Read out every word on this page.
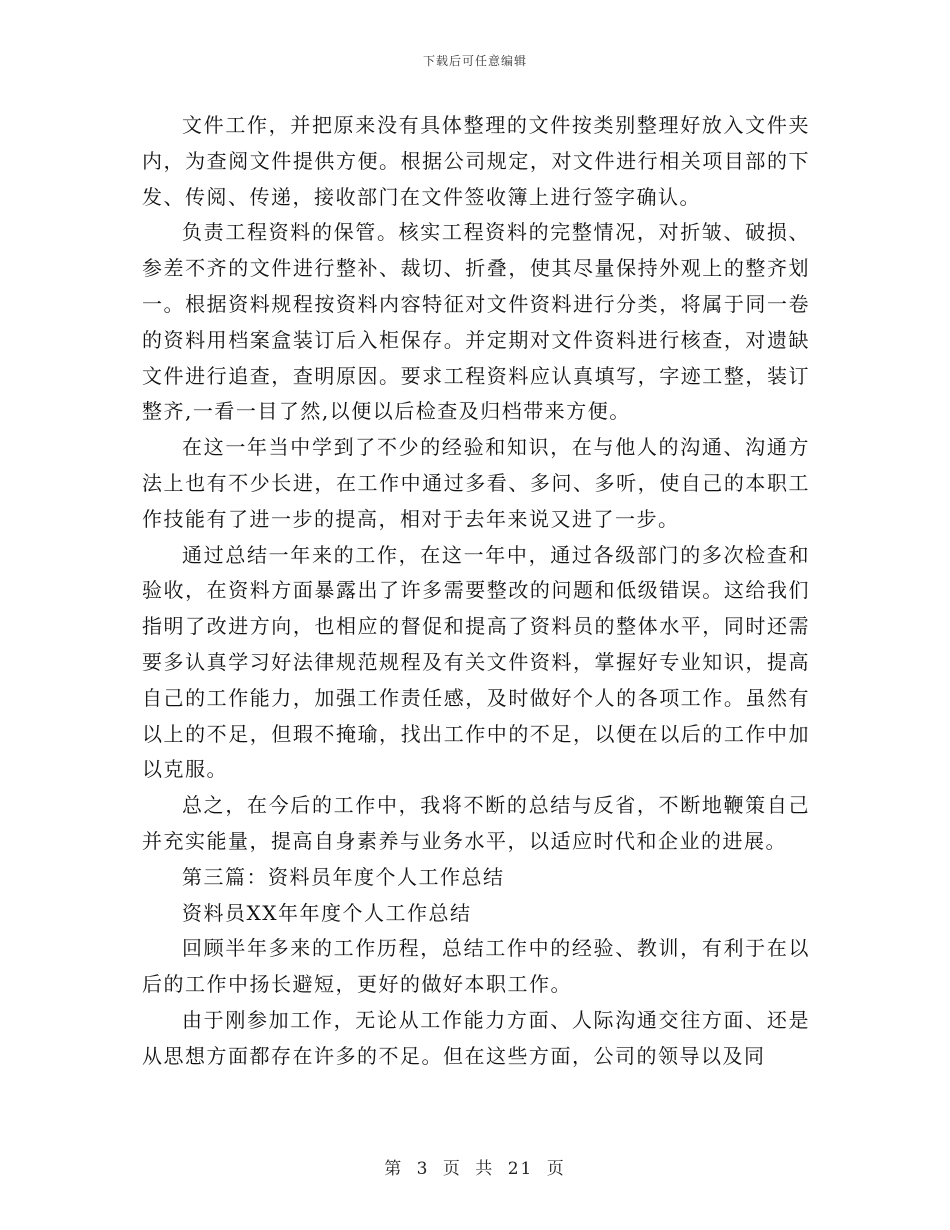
下载后可任意编辑

文件工作，并把原来没有具体整理的文件按类别整理好放入文件夹内，为查阅文件提供方便。根据公司规定，对文件进行相关项目部的下发、传阅、传递，接收部门在文件签收簿上进行签字确认。

负责工程资料的保管。核实工程资料的完整情况，对折皱、破损、参差不齐的文件进行整补、裁切、折叠，使其尽量保持外观上的整齐划一。根据资料规程按资料内容特征对文件资料进行分类，将属于同一卷的资料用档案盒装订后入柜保存。并定期对文件资料进行核查，对遗缺文件进行追查，查明原因。要求工程资料应认真填写，字迹工整，装订整齐,一看一目了然,以便以后检查及归档带来方便。

在这一年当中学到了不少的经验和知识，在与他人的沟通、沟通方法上也有不少长进，在工作中通过多看、多问、多听，使自己的本职工作技能有了进一步的提高，相对于去年来说又进了一步。

通过总结一年来的工作，在这一年中，通过各级部门的多次检查和验收，在资料方面暴露出了许多需要整改的问题和低级错误。这给我们指明了改进方向，也相应的督促和提高了资料员的整体水平，同时还需要多认真学习好法律规范规程及有关文件资料，掌握好专业知识，提高自己的工作能力，加强工作责任感，及时做好个人的各项工作。虽然有以上的不足，但瑕不掩瑜，找出工作中的不足，以便在以后的工作中加以克服。

总之，在今后的工作中，我将不断的总结与反省，不断地鞭策自己并充实能量，提高自身素养与业务水平，以适应时代和企业的进展。

第三篇：资料员年度个人工作总结

资料员XX年年度个人工作总结

回顾半年多来的工作历程，总结工作中的经验、教训，有利于在以后的工作中扬长避短，更好的做好本职工作。

由于刚参加工作，无论从工作能力方面、人际沟通交往方面、还是从思想方面都存在许多的不足。但在这些方面，公司的领导以及同

第 3 页 共 21 页
